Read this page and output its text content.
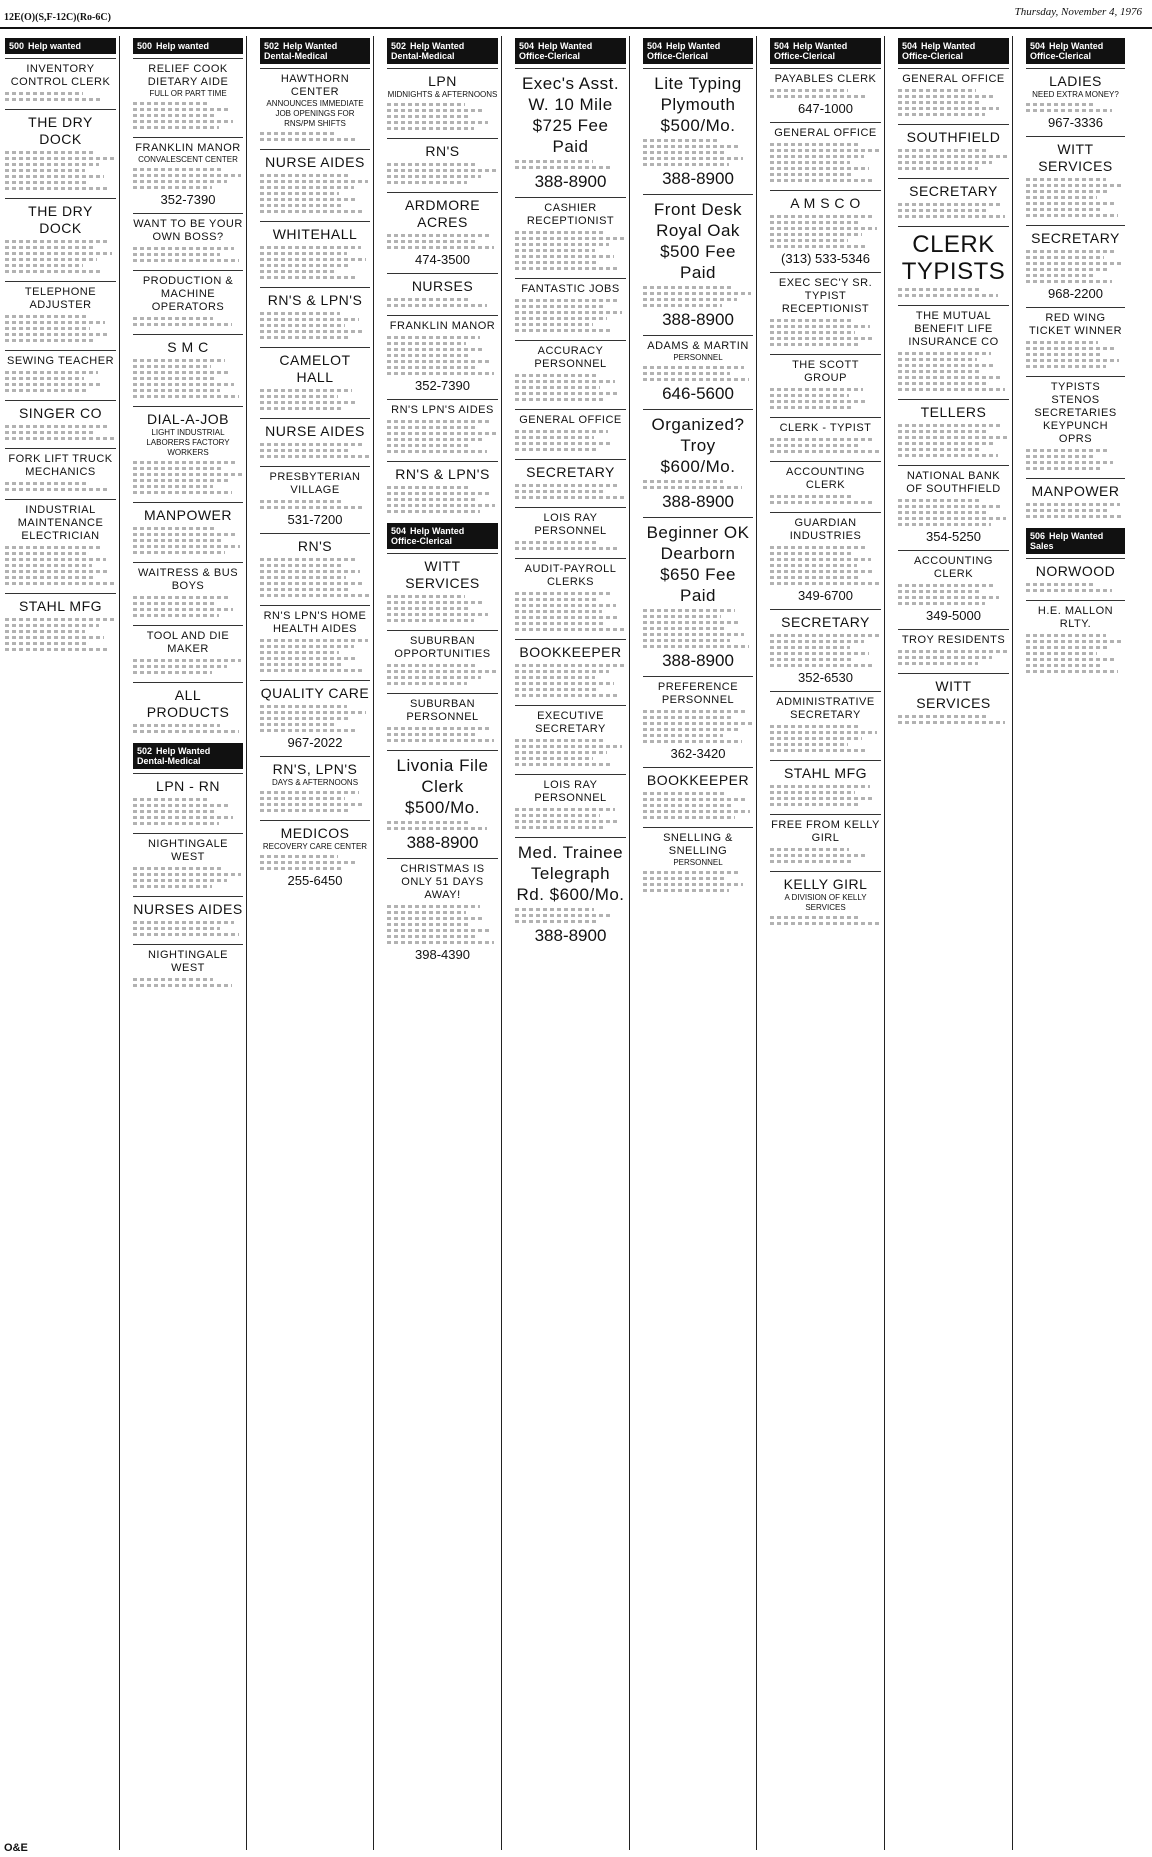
12E(O)(S,F-12C)(Ro-6C)	Thursday, November 4, 1976
500 Help wanted
INVENTORY CONTROL CLERK
THE DRY DOCK
THE DRY DOCK
TELEPHONE ADJUSTER
SEWING TEACHER
SINGER CO
FORK LIFT TRUCK MECHANICS
INDUSTRIAL MAINTENANCE ELECTRICIAN
STAHL MFG
500 Help wanted
RELIEF COOK DIETARY AIDE
FULL OR PART TIME
FRANKLIN MANOR
CONVALESCENT CENTER
352-7390
WANT TO BE YOUR OWN BOSS?
PRODUCTION & MACHINE OPERATORS
S M C
DIAL-A-JOB
LIGHT INDUSTRIAL LABORERS FACTORY WORKERS
MANPOWER
WAITRESS & BUS BOYS
TOOL AND DIE MAKER
ALL PRODUCTS
502 Help Wanted Dental-Medical
LPN - RN
NIGHTINGALE WEST
NURSES AIDES
NIGHTINGALE WEST
502 Help Wanted Dental-Medical
HAWTHORN CENTER
ANNOUNCES IMMEDIATE JOB OPENINGS FOR RNS/PM SHIFTS
NURSE AIDES
WHITEHALL
RN'S & LPN'S
CAMELOT HALL
NURSE AIDES
PRESBYTERIAN VILLAGE
531-7200
RN'S
RN'S LPN'S HOME HEALTH AIDES
QUALITY CARE
967-2022
RN'S, LPN'S
DAYS & AFTERNOONS
MEDICOS
RECOVERY CARE CENTER
255-6450
502 Help Wanted Dental-Medical
LPN
MIDNIGHTS & AFTERNOONS
RN'S
ARDMORE ACRES
474-3500
NURSES
FRANKLIN MANOR
352-7390
RN'S LPN'S AIDES
RN'S & LPN'S
504 Help Wanted Office-Clerical
WITT SERVICES
SUBURBAN OPPORTUNITIES
SUBURBAN PERSONNEL
Livonia File Clerk $500/Mo.
388-8900
CHRISTMAS IS ONLY 51 DAYS AWAY!
398-4390
504 Help Wanted Office-Clerical
Exec's Asst. W. 10 Mile $725 Fee Paid
388-8900
CASHIER RECEPTIONIST
FANTASTIC JOBS
ACCURACY PERSONNEL
GENERAL OFFICE
SECRETARY
LOIS RAY PERSONNEL
AUDIT-PAYROLL CLERKS
BOOKKEEPER
EXECUTIVE SECRETARY
LOIS RAY PERSONNEL
Med. Trainee Telegraph Rd. $600/Mo.
388-8900
504 Help Wanted Office-Clerical
Lite Typing Plymouth $500/Mo.
388-8900
Front Desk Royal Oak $500 Fee Paid
388-8900
ADAMS & MARTIN
PERSONNEL
646-5600
Organized? Troy $600/Mo.
388-8900
Beginner OK Dearborn $650 Fee Paid
388-8900
PREFERENCE PERSONNEL
362-3420
BOOKKEEPER
SNELLING & SNELLING
PERSONNEL
504 Help Wanted Office-Clerical
PAYABLES CLERK
647-1000
GENERAL OFFICE
A M S C O
(313) 533-5346
EXEC SEC'Y SR. TYPIST RECEPTIONIST
THE SCOTT GROUP
CLERK - TYPIST
ACCOUNTING CLERK
GUARDIAN INDUSTRIES
349-6700
SECRETARY
352-6530
ADMINISTRATIVE SECRETARY
STAHL MFG
FREE FROM KELLY GIRL
KELLY GIRL
A DIVISION OF KELLY SERVICES
504 Help Wanted Office-Clerical
GENERAL OFFICE
SOUTHFIELD
SECRETARY
CLERK TYPISTS
THE MUTUAL BENEFIT LIFE INSURANCE CO
TELLERS
NATIONAL BANK OF SOUTHFIELD
354-5250
ACCOUNTING CLERK
349-5000
TROY RESIDENTS
WITT SERVICES
504 Help Wanted Office-Clerical
LADIES
NEED EXTRA MONEY?
967-3336
WITT SERVICES
SECRETARY
968-2200
RED WING TICKET WINNER
TYPISTS STENOS SECRETARIES KEYPUNCH OPRS
MANPOWER
506 Help Wanted Sales
NORWOOD
H.E. MALLON RLTY.
O&E
